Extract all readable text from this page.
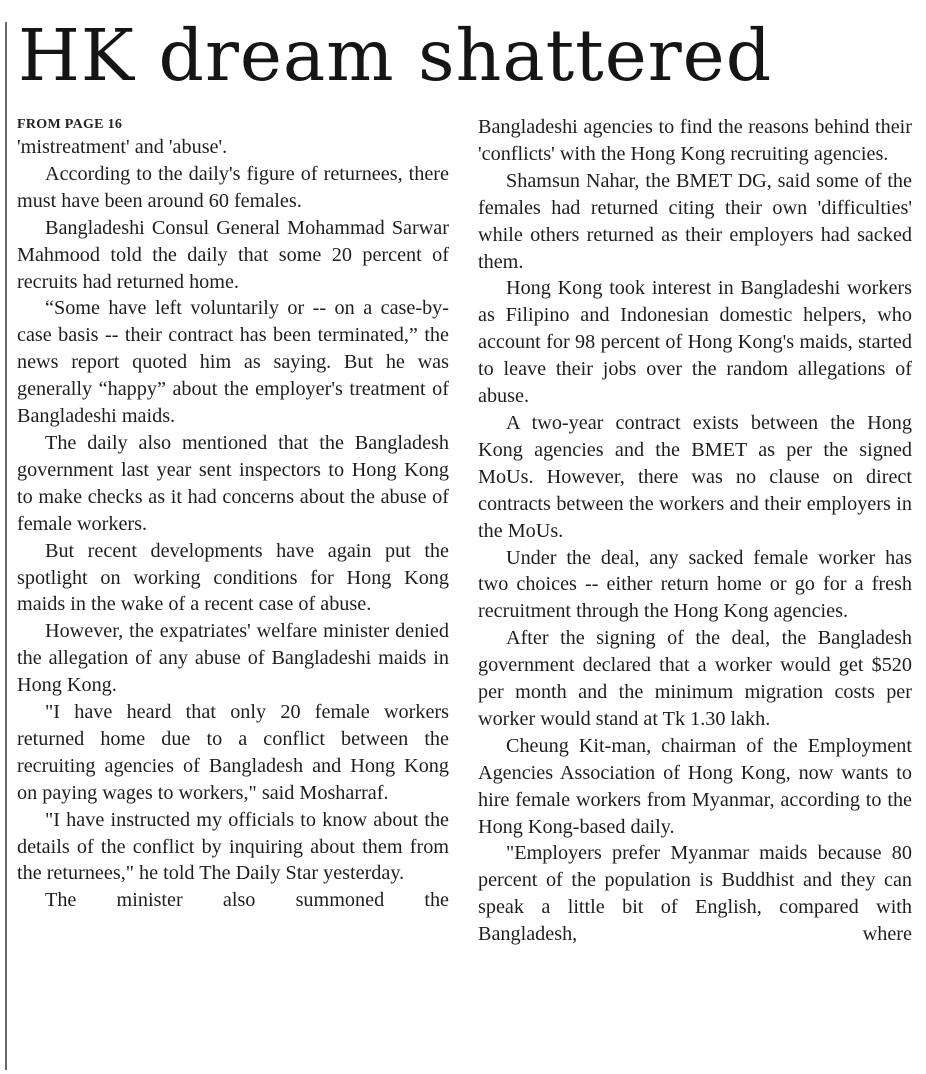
HK dream shattered

FROM PAGE 16

'mistreatment' and 'abuse'.

According to the daily's figure of returnees, there must have been around 60 females.

Bangladeshi Consul General Mohammad Sarwar Mahmood told the daily that some 20 percent of recruits had returned home.

“Some have left voluntarily or -- on a case-by-case basis -- their contract has been terminated,” the news report quoted him as saying. But he was generally “happy” about the employer's treatment of Bangladeshi maids.

The daily also mentioned that the Bangladesh government last year sent inspectors to Hong Kong to make checks as it had concerns about the abuse of female workers.

But recent developments have again put the spotlight on working conditions for Hong Kong maids in the wake of a recent case of abuse.

However, the expatriates' welfare minister denied the allegation of any abuse of Bangladeshi maids in Hong Kong.

"I have heard that only 20 female workers returned home due to a conflict between the recruiting agencies of Bangladesh and Hong Kong on paying wages to workers," said Mosharraf.

"I have instructed my officials to know about the details of the conflict by inquiring about them from the returnees," he told The Daily Star yesterday.

The minister also summoned the

Bangladeshi agencies to find the reasons behind their 'conflicts' with the Hong Kong recruiting agencies.

Shamsun Nahar, the BMET DG, said some of the females had returned citing their own 'difficulties' while others returned as their employers had sacked them.

Hong Kong took interest in Bangladeshi workers as Filipino and Indonesian domestic helpers, who account for 98 percent of Hong Kong's maids, started to leave their jobs over the random allegations of abuse.

A two-year contract exists between the Hong Kong agencies and the BMET as per the signed MoUs. However, there was no clause on direct contracts between the workers and their employers in the MoUs.

Under the deal, any sacked female worker has two choices -- either return home or go for a fresh recruitment through the Hong Kong agencies.

After the signing of the deal, the Bangladesh government declared that a worker would get $520 per month and the minimum migration costs per worker would stand at Tk 1.30 lakh.

Cheung Kit-man, chairman of the Employment Agencies Association of Hong Kong, now wants to hire female workers from Myanmar, according to the Hong Kong-based daily.

"Employers prefer Myanmar maids because 80 percent of the population is Buddhist and they can speak a little bit of English, compared with Bangladesh, where
